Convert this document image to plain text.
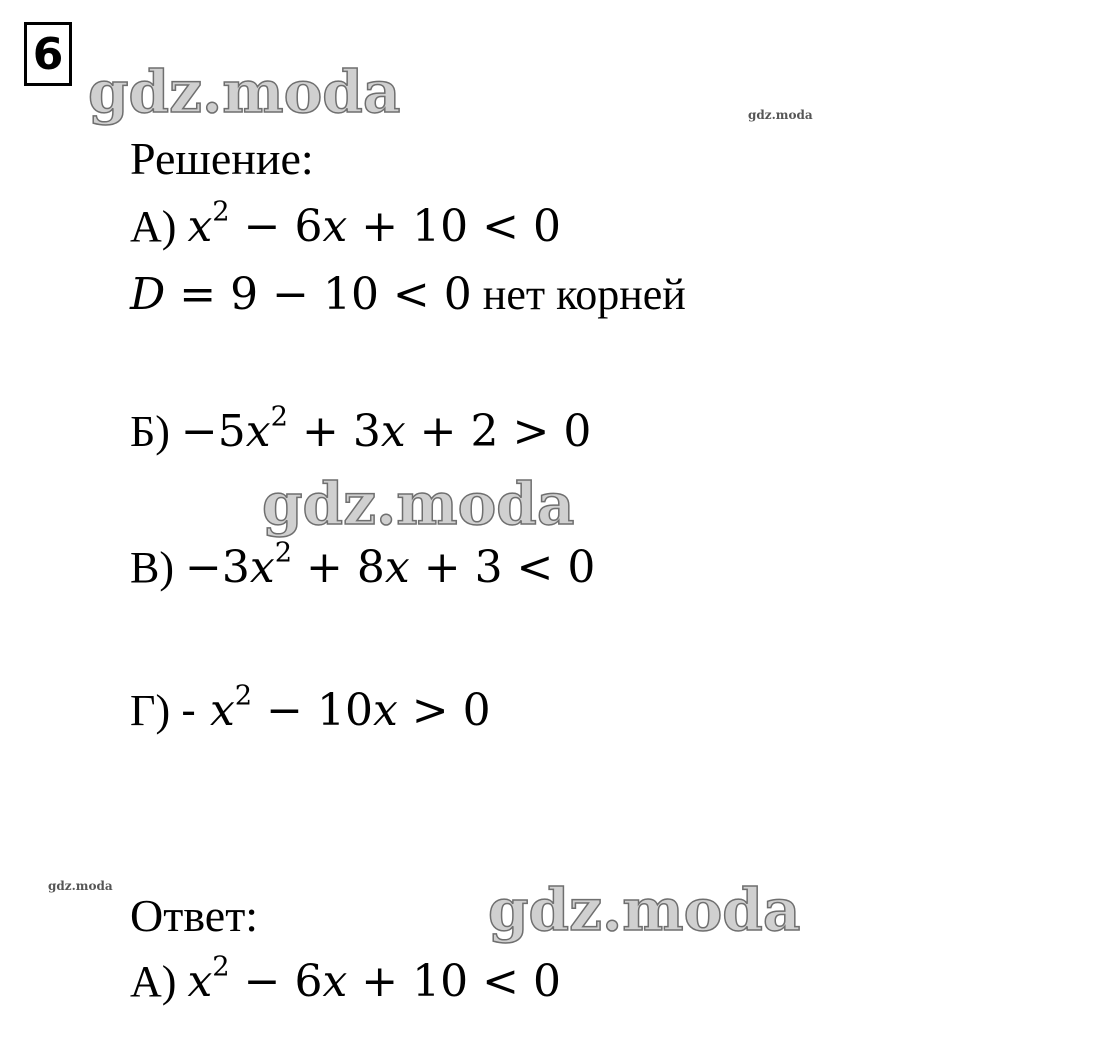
6
gdz.moda	gdz.moda
gdz.moda
gdz.moda	gdz.moda
Решение:
А) $x^2 - 6x + 10 < 0$
D = 9 − 10 < 0 нет корней
$Б) -5x^2 + 3x + 2 > 0$
$В) -3x^2 + 8x + 3 < 0$
$Г) - x^2 - 10x > 0$
Ответ:
А) $x^2 - 6x + 10 < 0$
